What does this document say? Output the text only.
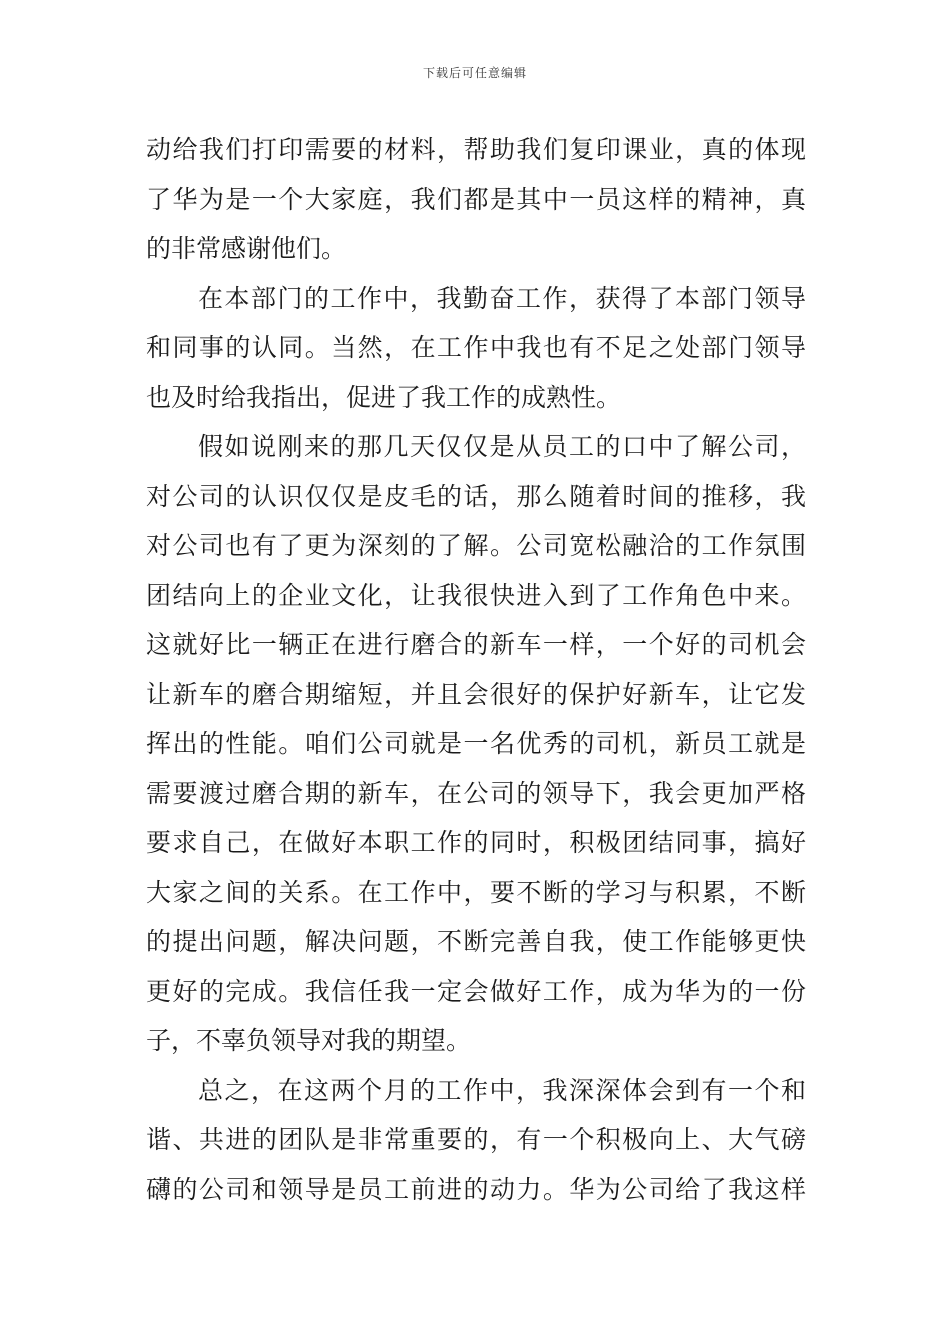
下载后可任意编辑
动给我们打印需要的材料，帮助我们复印课业，真的体现
了华为是一个大家庭，我们都是其中一员这样的精神，真
的非常感谢他们。
在本部门的工作中，我勤奋工作，获得了本部门领导
和同事的认同。当然，在工作中我也有不足之处部门领导
也及时给我指出，促进了我工作的成熟性。
假如说刚来的那几天仅仅是从员工的口中了解公司，
对公司的认识仅仅是皮毛的话，那么随着时间的推移，我
对公司也有了更为深刻的了解。公司宽松融洽的工作氛围
团结向上的企业文化，让我很快进入到了工作角色中来。
这就好比一辆正在进行磨合的新车一样，一个好的司机会
让新车的磨合期缩短，并且会很好的保护好新车，让它发
挥出的性能。咱们公司就是一名优秀的司机，新员工就是
需要渡过磨合期的新车，在公司的领导下，我会更加严格
要求自己，在做好本职工作的同时，积极团结同事，搞好
大家之间的关系。在工作中，要不断的学习与积累，不断
的提出问题，解决问题，不断完善自我，使工作能够更快
更好的完成。我信任我一定会做好工作，成为华为的一份
子，不辜负领导对我的期望。
总之，在这两个月的工作中，我深深体会到有一个和
谐、共进的团队是非常重要的，有一个积极向上、大气磅
礴的公司和领导是员工前进的动力。华为公司给了我这样
